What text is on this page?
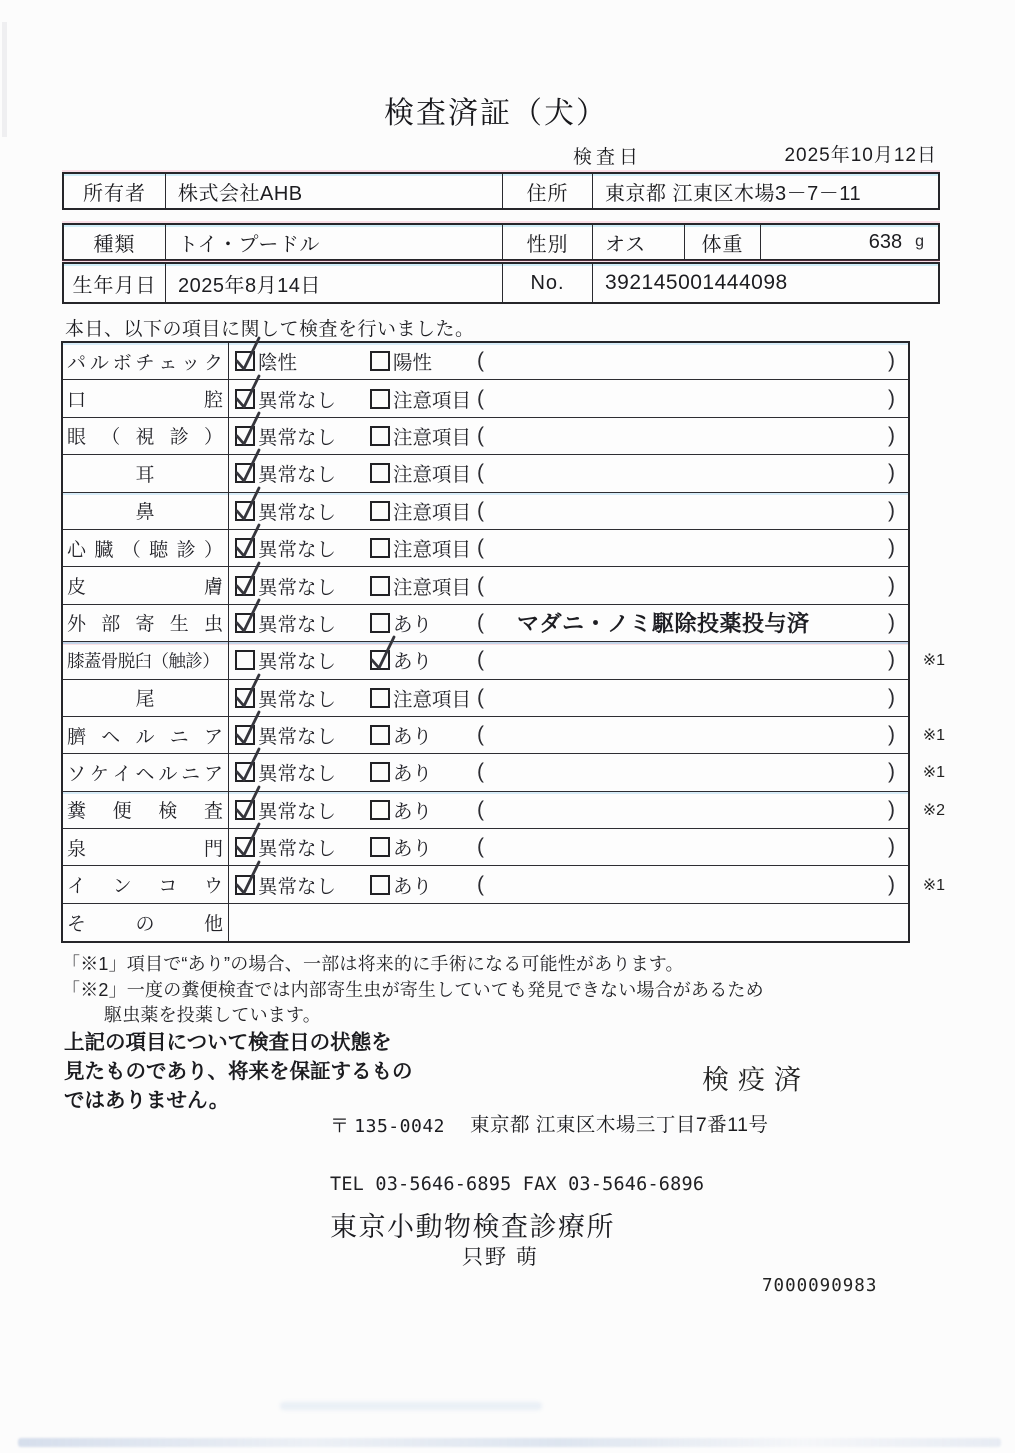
検査済証（犬）
検査日	2025年10月12日
所有者	株式会社AHB	住所	東京都 江東区木場3－7－11
種類	トイ・プードル	性別	オス	体重	638 g
生年月日	2025年8月14日	No.	392145001444098
本日、以下の項目に関して検査を行いました。
パ ル ボ チ ェ ッ ク 陰性	陽性 (	)
口	腔 異常なし	注意項目 (	)
眼 （ 視 診 ） 異常なし	注意項目 (	)
耳	異常なし	注意項目 (	)
鼻	異常なし	注意項目 (	)
心 臓 （ 聴 診 ） 異常なし	注意項目 (	)
皮	膚 異常なし	注意項目 (	)
外 部 寄 生 虫 異常なし	あり ( マダニ・ノミ駆除投薬投与済	)
膝蓋骨脱臼（触診）	異常なし	あり (	) ※1
尾	異常なし	注意項目 (	)
臍 ヘ ル ニ ア 異常なし	あり (	) ※1
ソ ケ イ ヘ ル ニ ア 異常なし	あり (	) ※1
糞 便 検 査 異常なし	あり (	) ※2
泉	門 異常なし	あり (	)
イ ン コ ウ 異常なし	あり (	) ※1
そ	の	他
「※1」項目で“あり”の場合、一部は将来的に手術になる可能性があります。
「※2」一度の糞便検査では内部寄生虫が寄生していても発見できない場合があるため
駆虫薬を投薬しています。
上記の項目について検査日の状態を
見たものであり、将来を保証するもの
ではありません。
検疫済
〒 135-0042 東京都 江東区木場三丁目7番11号
TEL 03-5646-6895 FAX 03-5646-6896
東京小動物検査診療所
只野 萌
7000090983
